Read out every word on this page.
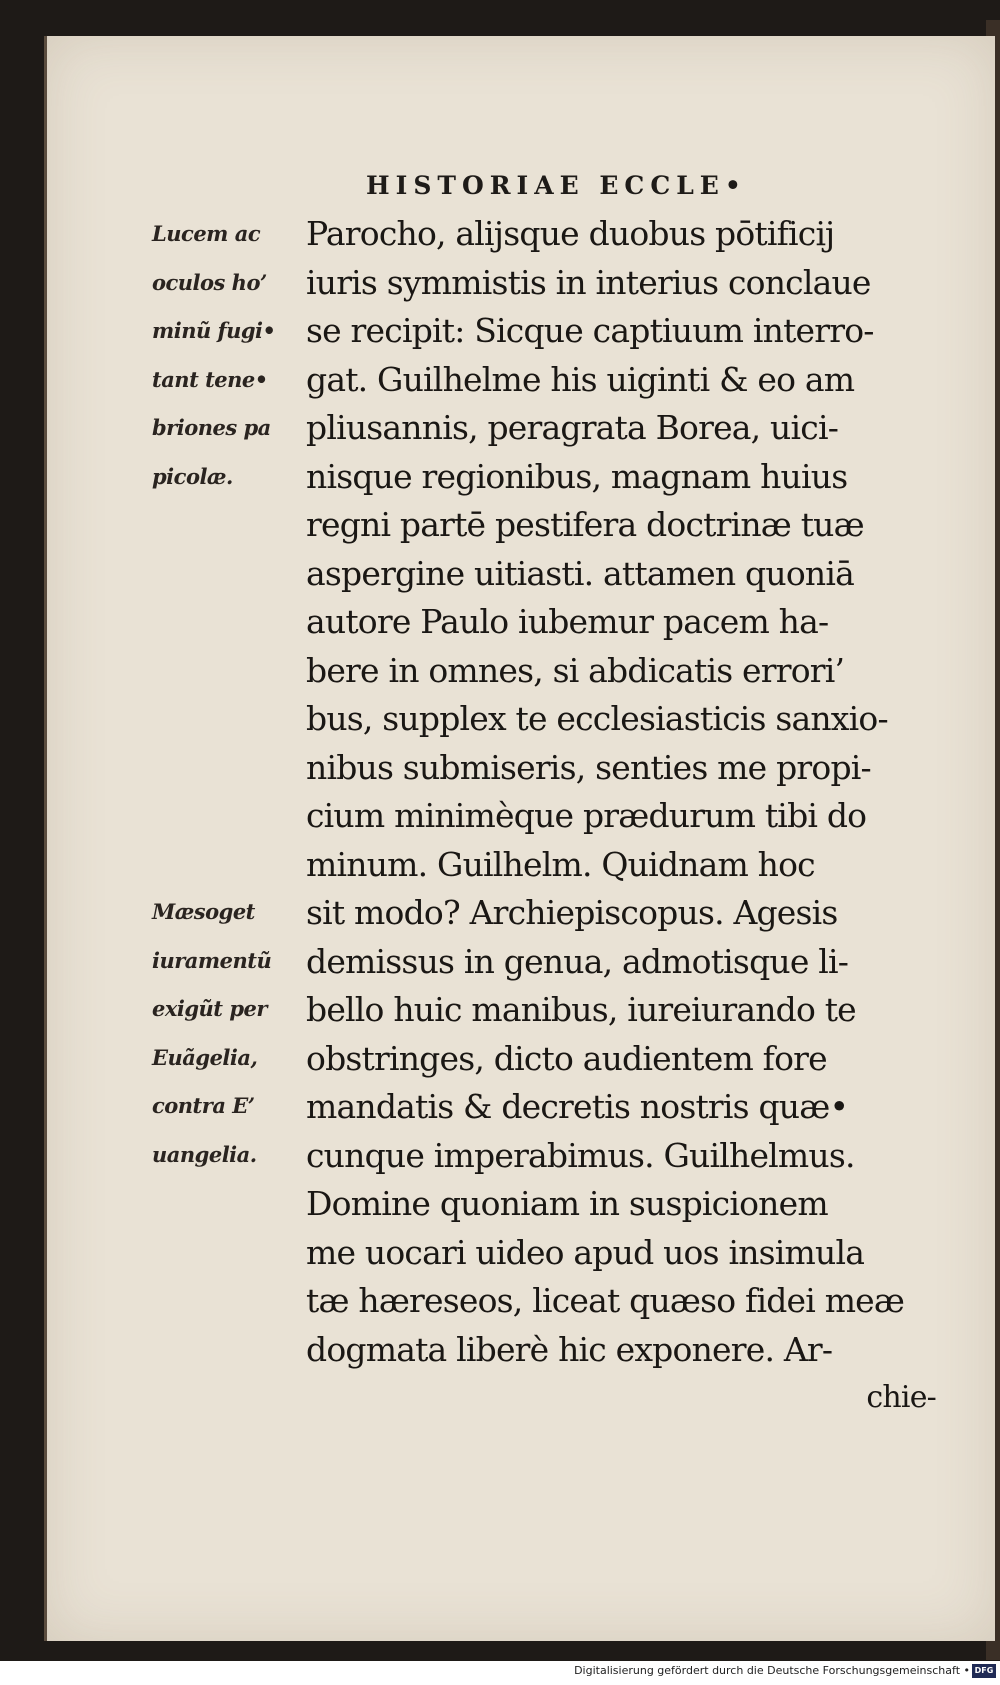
HISTORIAE ECCLE•
Lucem ac
oculos ho’
minũ fugi•
tant tene•
briones pa
picolæ.
Mæsoget
iuramentũ
exigũt per
Euãgelia,
contra E’
uangelia.
Parocho, alijsque duobus pōtificĳ
iuris symmistis in interius conclaue
se recipit: Sicque captiuum interro-
gat. Guilhelme his uiginti & eo am
pliusannis, peragrata Borea, uici-
nisque regionibus, magnam huius
regni partē pestifera doctrinæ tuæ
aspergine uitiasti. attamen quoniā
autore Paulo iubemur pacem ha-
bere in omnes, si abdicatis errori’
bus, supplex te ecclesiasticis sanxio-
nibus submiseris, senties me propi-
cium minimèque prædurum tibi do
minum. Guilhelm. Quidnam hoc
sit modo? Archiepiscopus. Agesis
demissus in genua, admotisque li-
bello huic manibus, iureiurando te
obstringes, dicto audientem fore
mandatis & decretis nostris quæ•
cunque imperabimus. Guilhelmus.
Domine quoniam in suspicionem
me uocari uideo apud uos insimula
tæ hæreseos, liceat quæso fidei meæ
dogmata liberè hic exponere. Ar-
chie-
Digitalisierung gefördert durch die Deutsche Forschungsgemeinschaft • DFG
